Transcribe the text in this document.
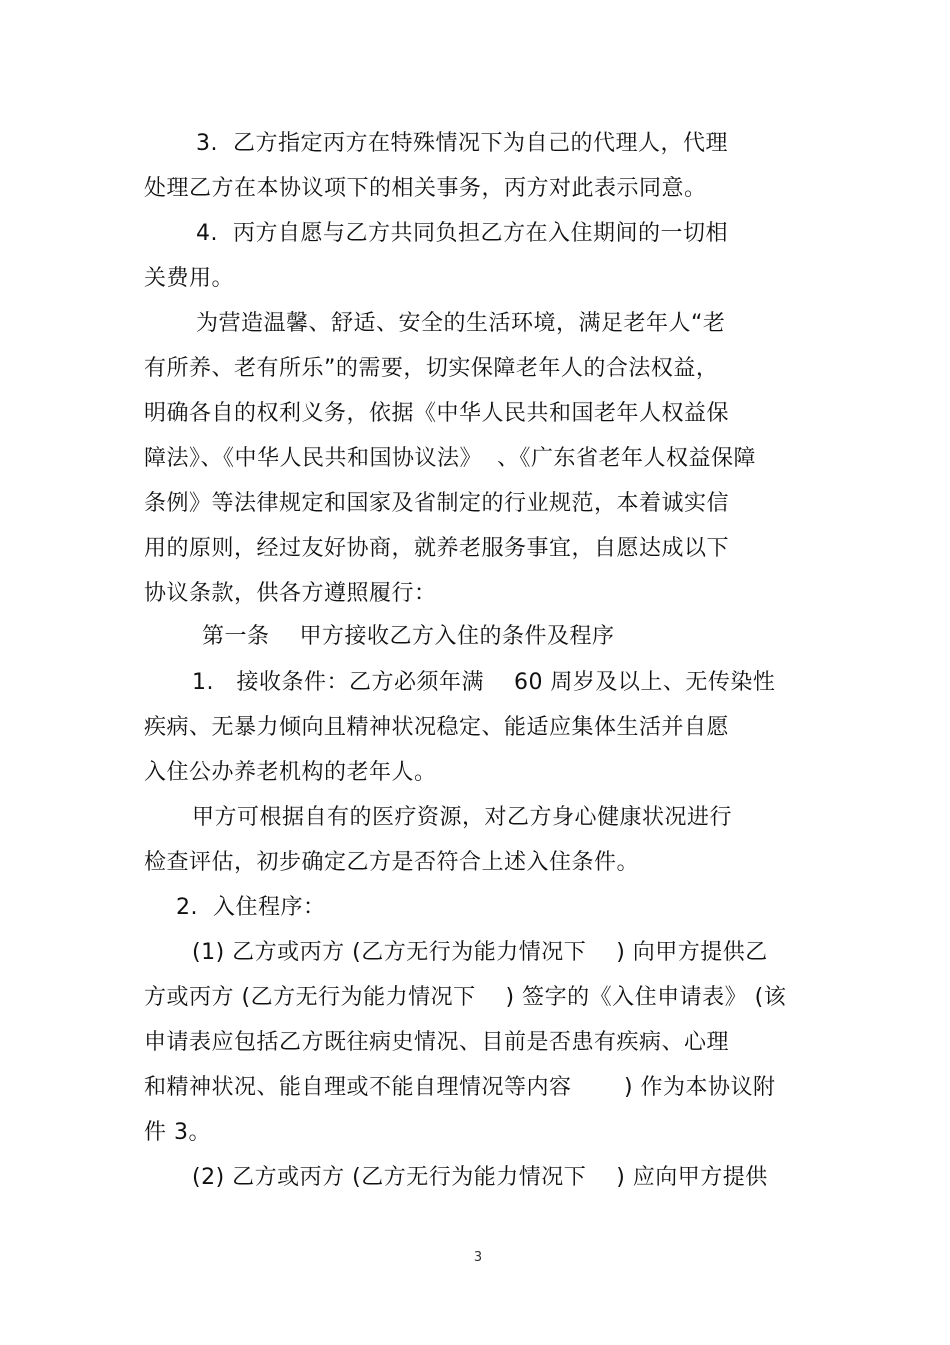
3.  乙方指定丙方在特殊情况下为自己的代理人，代理
处理乙方在本协议项下的相关事务，丙方对此表示同意。
4.  丙方自愿与乙方共同负担乙方在入住期间的一切相
关费用。
为营造温馨、舒适、安全的生活环境，满足老年人“老
有所养、老有所乐”的需要，切实保障老年人的合法权益，
明确各自的权利义务，依据《中华人民共和国老年人权益保
障法》、《中华人民共和国协议法》  、《广东省老年人权益保障
条例》等法律规定和国家及省制定的行业规范，本着诚实信
用的原则，经过友好协商，就养老服务事宜，自愿达成以下
协议条款，供各方遵照履行：
第一条    甲方接收乙方入住的条件及程序
1.   接收条件：乙方必须年满    60 周岁及以上、无传染性
疾病、无暴力倾向且精神状况稳定、能适应集体生活并自愿
入住公办养老机构的老年人。
甲方可根据自有的医疗资源，对乙方身心健康状况进行
检查评估，初步确定乙方是否符合上述入住条件。
2.  入住程序：
(1) 乙方或丙方 (乙方无行为能力情况下    ) 向甲方提供乙
方或丙方 (乙方无行为能力情况下    ) 签字的《入住申请表》 (该
申请表应包括乙方既往病史情况、目前是否患有疾病、心理
和精神状况、能自理或不能自理情况等内容       ) 作为本协议附
件 3。
(2) 乙方或丙方 (乙方无行为能力情况下    ) 应向甲方提供
3
